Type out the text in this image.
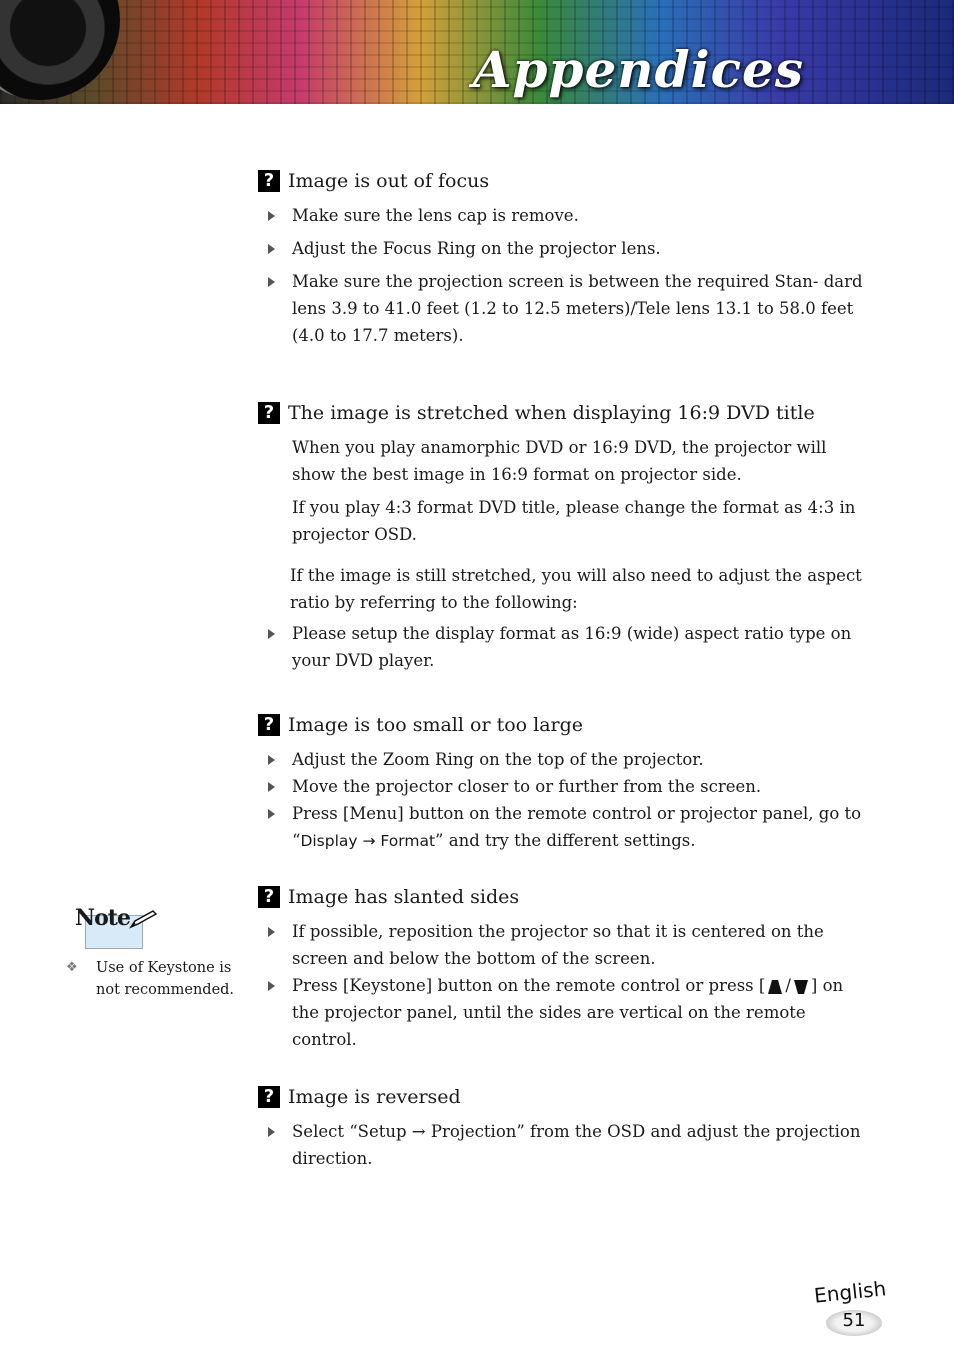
Appendices
? Image is out of focus
Make sure the lens cap is remove.
Adjust the Focus Ring on the projector lens.
Make sure the projection screen is between the required Stan- dard lens 3.9 to 41.0 feet (1.2 to 12.5 meters)/Tele lens 13.1 to 58.0 feet (4.0 to 17.7 meters).
? The image is stretched when displaying 16:9 DVD title

When you play anamorphic DVD or 16:9 DVD, the projector will show the best image in 16:9 format on projector side.

If you play 4:3 format DVD title, please change the format as 4:3 in projector OSD.

If the image is still stretched, you will also need to adjust the aspect ratio by referring to the following:

Please setup the display format as 16:9 (wide) aspect ratio type on your DVD player.
? Image is too small or too large
Adjust the Zoom Ring on the top of the projector.
Move the projector closer to or further from the screen.
Press [Menu] button on the remote control or projector panel, go to “Display → Format” and try the different settings.
? Image has slanted sides
If possible, reposition the projector so that it is centered on the screen and below the bottom of the screen.
Press [Keystone] button on the remote control or press [ / ] on the projector panel, until the sides are vertical on the remote control.
? Image is reversed
Select “Setup → Projection” from the OSD and adjust the projection direction.
Note
❖ Use of Keystone is not recommended.
English
51
